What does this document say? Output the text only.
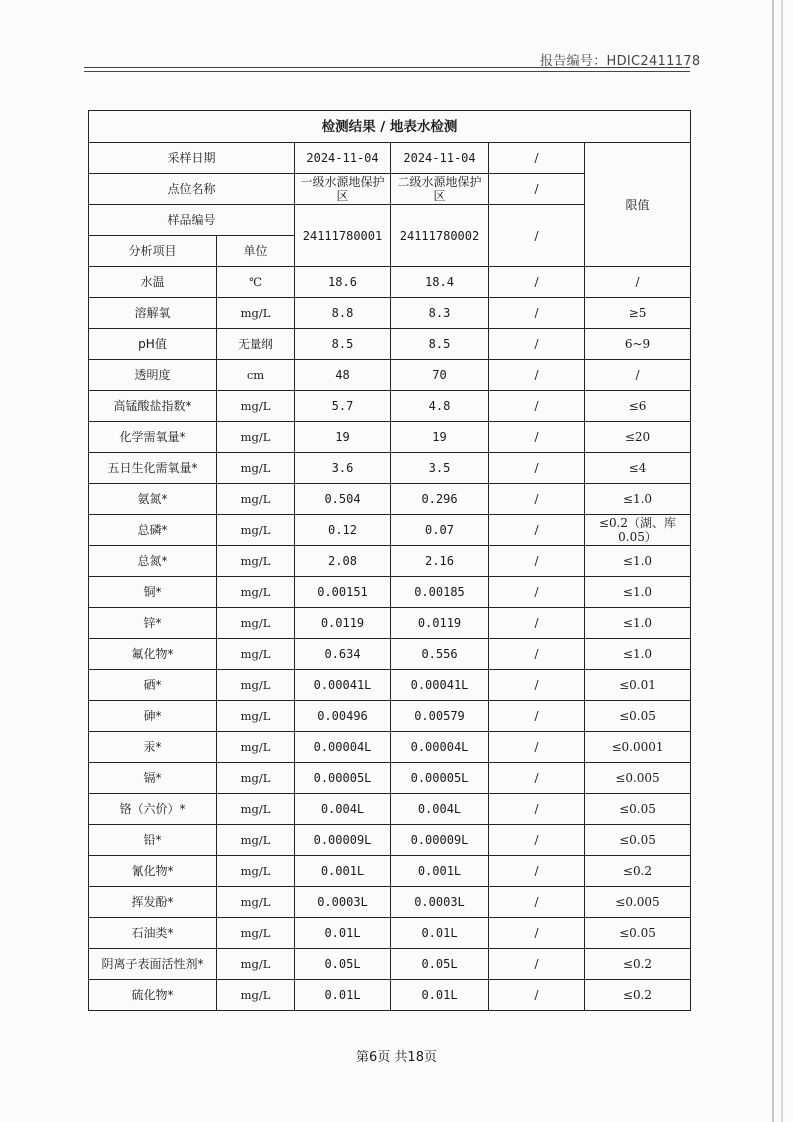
报告编号：HDIC2411178
检测结果 / 地表水检测					
采样日期		2024-11-04	2024-11-04	/	限值
点位名称		一级水源地保护区	二级水源地保护区	/	
样品编号		24111780001	24111780002	/	
分析项目	单位				
水温	℃	18.6	18.4	/	/
溶解氧	mg/L	8.8	8.3	/	≥5
pH值	无量纲	8.5	8.5	/	6~9
透明度	cm	48	70	/	/
高锰酸盐指数*	mg/L	5.7	4.8	/	≤6
化学需氧量*	mg/L	19	19	/	≤20
五日生化需氧量*	mg/L	3.6	3.5	/	≤4
氨氮*	mg/L	0.504	0.296	/	≤1.0
总磷*	mg/L	0.12	0.07	/	≤0.2（湖、库0.05）
总氮*	mg/L	2.08	2.16	/	≤1.0
铜*	mg/L	0.00151	0.00185	/	≤1.0
锌*	mg/L	0.0119	0.0119	/	≤1.0
氟化物*	mg/L	0.634	0.556	/	≤1.0
硒*	mg/L	0.00041L	0.00041L	/	≤0.01
砷*	mg/L	0.00496	0.00579	/	≤0.05
汞*	mg/L	0.00004L	0.00004L	/	≤0.0001
镉*	mg/L	0.00005L	0.00005L	/	≤0.005
铬（六价）*	mg/L	0.004L	0.004L	/	≤0.05
铅*	mg/L	0.00009L	0.00009L	/	≤0.05
氰化物*	mg/L	0.001L	0.001L	/	≤0.2
挥发酚*	mg/L	0.0003L	0.0003L	/	≤0.005
石油类*	mg/L	0.01L	0.01L	/	≤0.05
阴离子表面活性剂*	mg/L	0.05L	0.05L	/	≤0.2
硫化物*	mg/L	0.01L	0.01L	/	≤0.2
第6页 共18页
